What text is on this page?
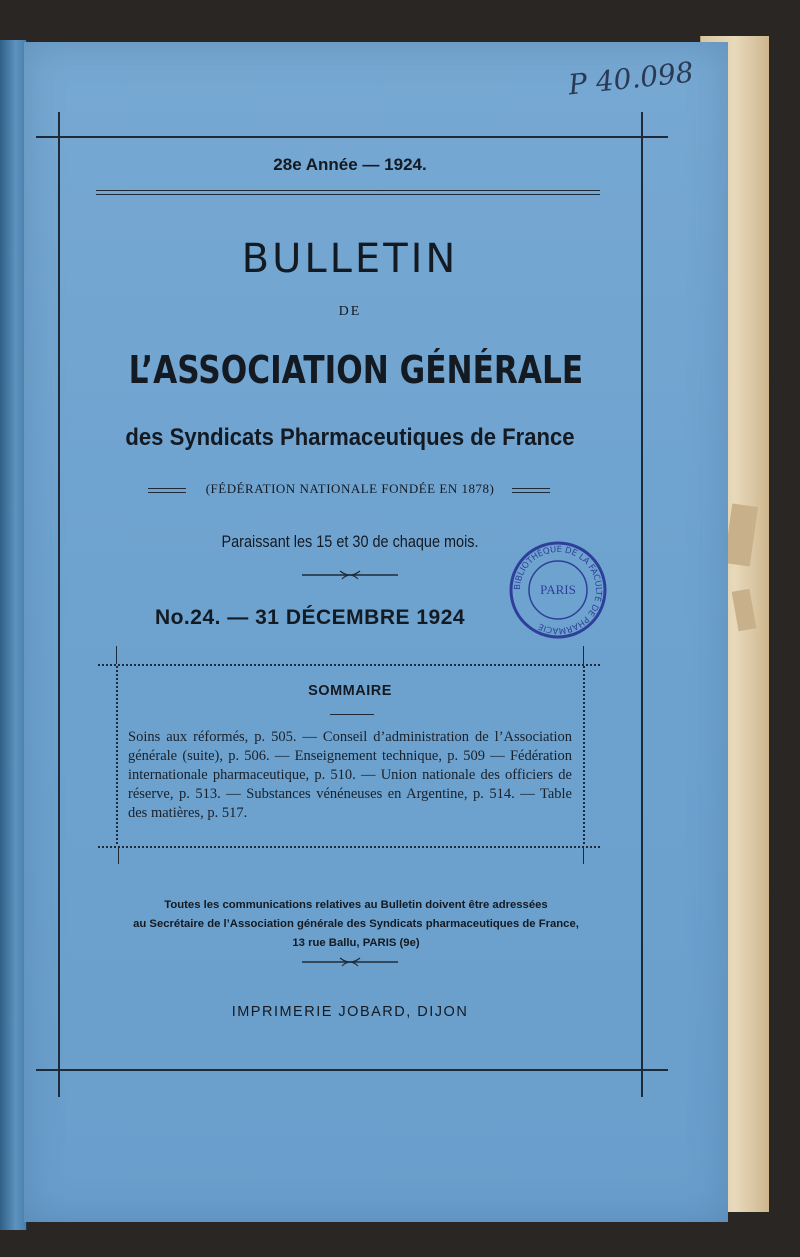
P 40.098
28e Année — 1924.
BULLETIN
DE
L’ASSOCIATION GÉNÉRALE
des Syndicats Pharmaceutiques de France
(FÉDÉRATION NATIONALE FONDÉE EN 1878)
Paraissant les 15 et 30 de chaque mois.
No.24. — 31 DÉCEMBRE 1924
BIBLIOTHÈQUE DE LA FACULTÉ DE PHARMACIE
PARIS
SOMMAIRE
Soins aux réformés, p. 505. — Conseil d’administration de l’Association générale (suite), p. 506. — Enseignement technique, p. 509 — Fédération internationale pharmaceutique, p. 510. — Union nationale des officiers de réserve, p. 513. — Substances vénéneuses en Argentine, p. 514. — Table des matières, p. 517.
Toutes les communications relatives au Bulletin doivent être adressées
au Secrétaire de l’Association générale des Syndicats pharmaceutiques de France,
13 rue Ballu, PARIS (9e)
IMPRIMERIE JOBARD, DIJON
